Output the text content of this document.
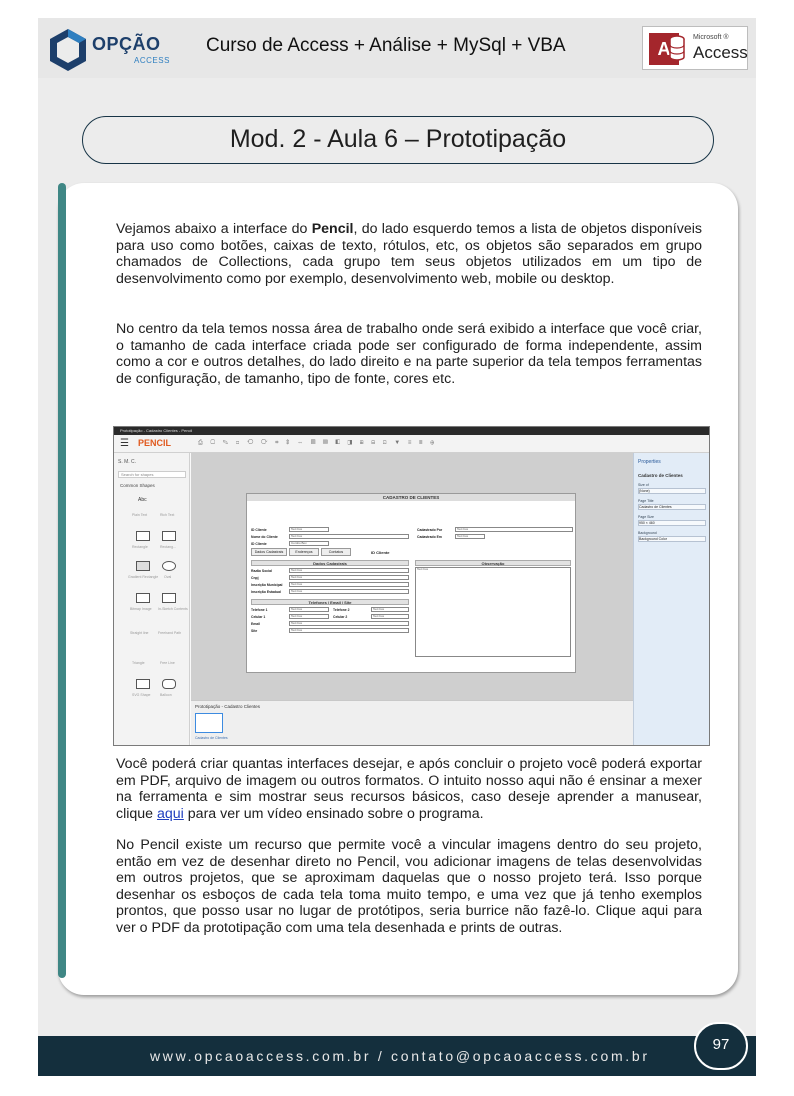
OPÇÃO
ACCESS
Curso de Access + Análise + MySql + VBA	A
Microsoft ®
Access
Mod. 2 - Aula 6 – Prototipação

Vejamos abaixo a interface do Pencil, do lado esquerdo temos a lista de objetos disponíveis para uso como botões, caixas de texto, rótulos, etc, os objetos são separados em grupo chamados de Collections, cada grupo tem seus objetos utilizados em um tipo de desenvolvimento como por exemplo, desenvolvimento web, mobile ou desktop.

No centro da tela temos nossa área de trabalho onde será exibido a interface que você criar, o tamanho de cada interface criada pode ser configurado de forma independente, assim como a cor e outros detalhes, do lado direito e na parte superior da tela tempos ferramentas de configuração, de tamanho, tipo de fonte, cores etc.

Prototipação - Cadastro Clientes - Pencil
☰ PENCIL	⎙ ▢ ✎ ◻ ⟲ ⟳ ⌗ ⇕ ⇔ ▤ ▥ ◧ ◨ ⊞ ⊟ ⊡ ▼ ≡ ≣ ⊕
S. M. C.
Search for shapes
Common Shapes
Abc
Plain Text	Rich Text
Rectangle	Rectang...
Gradient Rectangle Oval
Bitmap Image In-Sketch Contents
Straight line	Freehand Path
Triangle	Free Line
SVG Shape	Balloon
CADASTRO DE CLIENTES
ID Cliente	Text box
Nome do Cliente	Text box
ID Cliente	Combo Box
Cadastrado Por	Text box
Cadastrado Em	Text box
Dados Cadastrais	Endereços	Contatos	ID Cliente
Dados Cadastrais	Observação
Text box
Razão Social	Text box
Cnpj	Text box
Inscrição Municipal	Text box
Inscrição Estadual	Text box
Telefones / Email / Site
Telefone 1	Text box	Telefone 2	Text box
Celular 1	Text box	Celular 2	Text box
Email	Text box
Site	Text box
Properties
Cadastro de Clientes
Size of
(None)
Page Title
Cadastro de Clientes
Page Size
950 × 460
Background
Background Color
Prototipação - Cadastro Clientes
Cadastro de Clientes

Você poderá criar quantas interfaces desejar, e após concluir o projeto você poderá exportar em PDF, arquivo de imagem ou outros formatos. O intuito nosso aqui não é ensinar a mexer na ferramenta e sim mostrar seus recursos básicos, caso deseje aprender a manusear, clique aqui para ver um vídeo ensinado sobre o programa.

No Pencil existe um recurso que permite você a vincular imagens dentro do seu projeto, então em vez de desenhar direto no Pencil, vou adicionar imagens de telas desenvolvidas em outros projetos, que se aproximam daquelas que o nosso projeto terá. Isso porque desenhar os esboços de cada tela toma muito tempo, e uma vez que já tenho exemplos prontos, que posso usar no lugar de protótipos, seria burrice não fazê-lo. Clique aqui para ver o PDF da prototipação com uma tela desenhada e prints de outras.

www.opcaoaccess.com.br / contato@opcaoaccess.com.br
97
